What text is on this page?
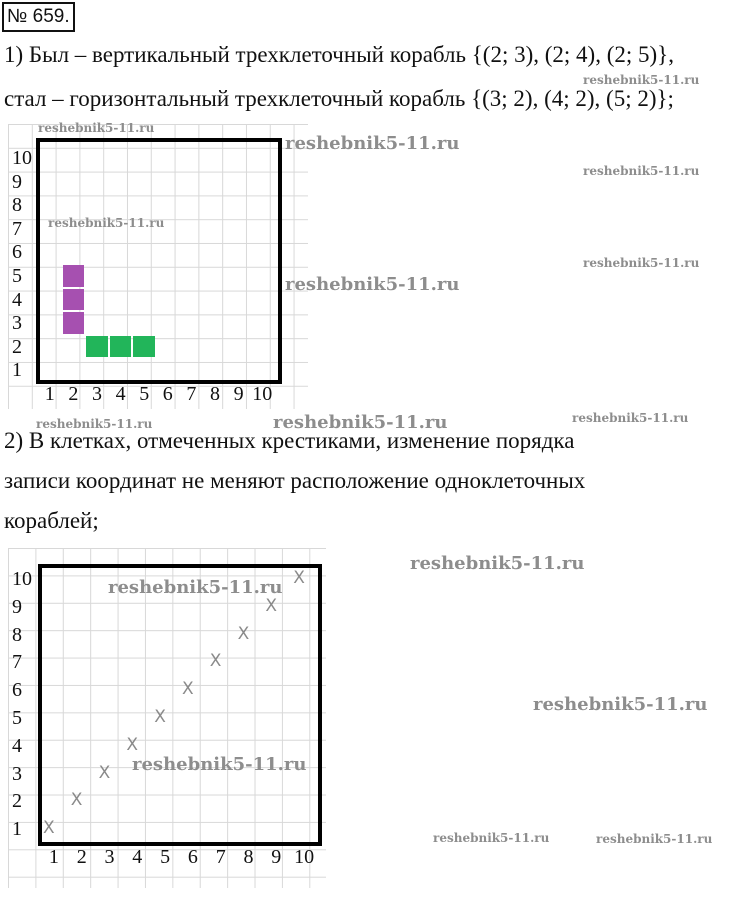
№ 659.
1) Был – вертикальный трехклеточный корабль {(2; 3), (2; 4), (2; 5)},
стал – горизонтальный трехклеточный корабль {(3; 2), (4; 2), (5; 2)};
1 2 3 4 5 6 7 8 9 10
10
9
8
7
6
5
4
3
2
1
2) В клетках, отмеченных крестиками, изменение порядка
записи координат не меняют расположение одноклеточных
кораблей;
1 2 3 4 5 6 7 8 9 10
10
9
8
7
6
5
4
3
2
1 X
X
X
X
X
X
X
X
X
X
reshebnik5-11.ru
reshebnik5-11.ru
reshebnik5-11.ru
reshebnik5-11.ru
reshebnik5-11.ru
reshebnik5-11.ru
reshebnik5-11.ru
reshebnik5-11.ru	reshebnik5-11.ru	reshebnik5-11.ru
reshebnik5-11.ru
reshebnik5-11.ru
reshebnik5-11.ru
reshebnik5-11.ru
reshebnik5-11.ru	reshebnik5-11.ru
